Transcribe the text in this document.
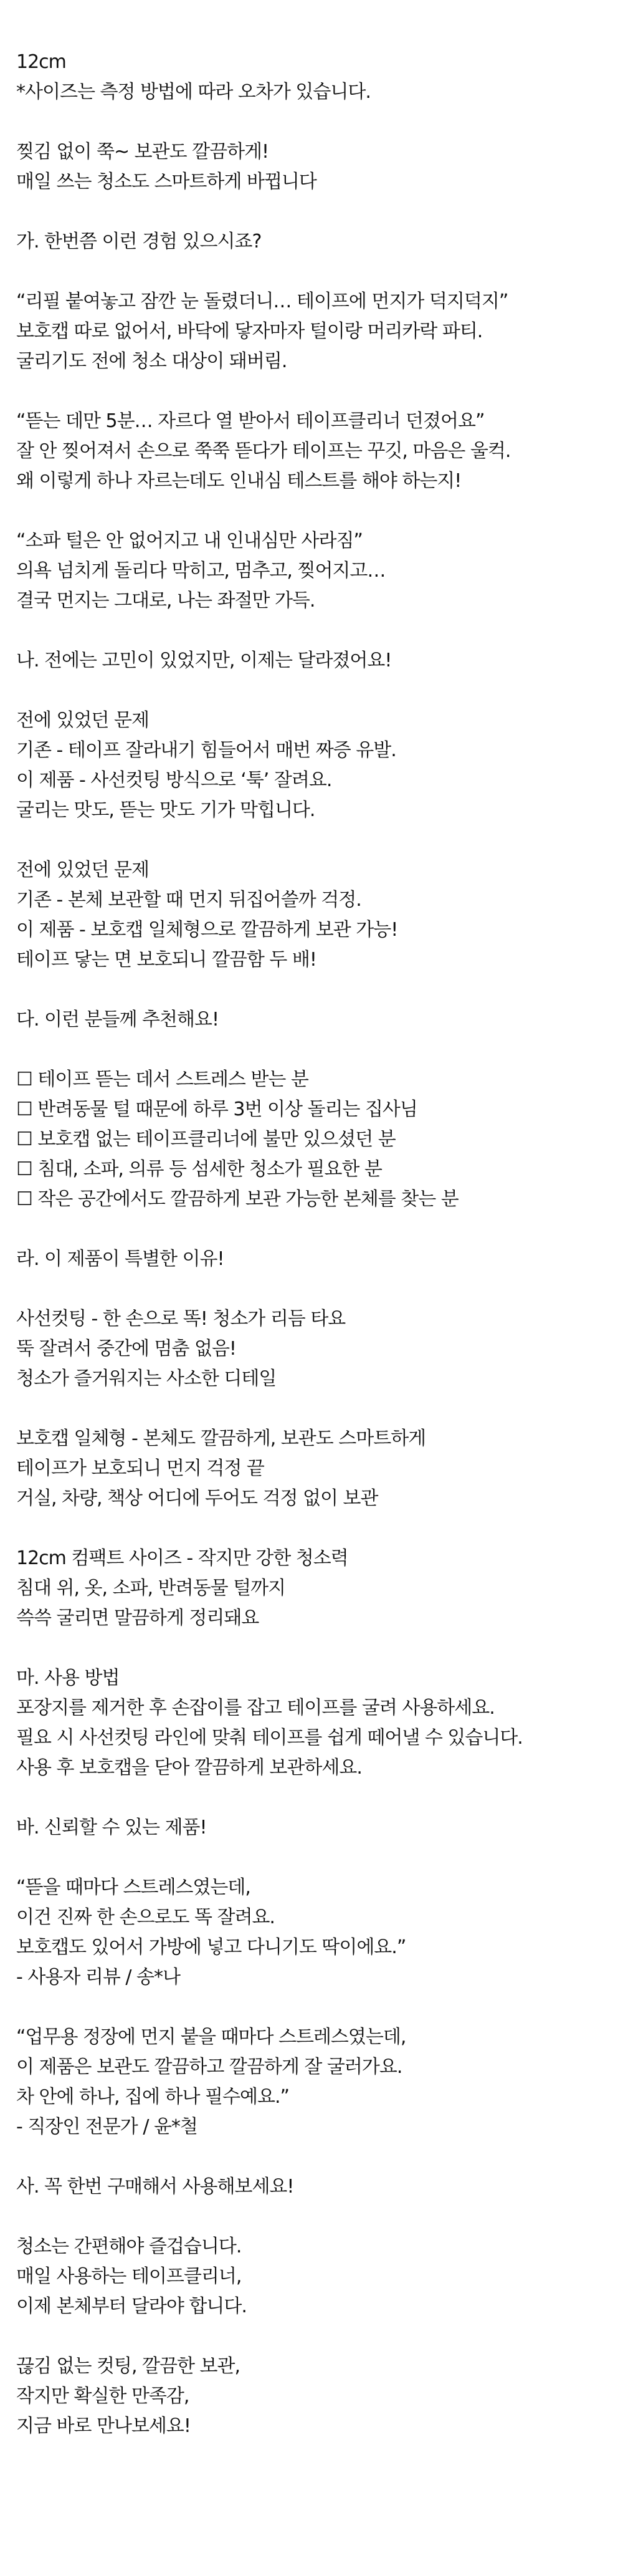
12cm
*사이즈는 측정 방법에 따라 오차가 있습니다.
찢김 없이 쭉~ 보관도 깔끔하게!
매일 쓰는 청소도 스마트하게 바뀝니다
가. 한번쯤 이런 경험 있으시죠?
“리필 붙여놓고 잠깐 눈 돌렸더니… 테이프에 먼지가 덕지덕지”
보호캡 따로 없어서, 바닥에 닿자마자 털이랑 머리카락 파티.
굴리기도 전에 청소 대상이 돼버림.
“뜯는 데만 5분… 자르다 열 받아서 테이프클리너 던졌어요”
잘 안 찢어져서 손으로 쭉쭉 뜯다가 테이프는 꾸깃, 마음은 울컥.
왜 이렇게 하나 자르는데도 인내심 테스트를 해야 하는지!
“소파 털은 안 없어지고 내 인내심만 사라짐”
의욕 넘치게 돌리다 막히고, 멈추고, 찢어지고…
결국 먼지는 그대로, 나는 좌절만 가득.
나. 전에는 고민이 있었지만, 이제는 달라졌어요!
전에 있었던 문제
기존 - 테이프 잘라내기 힘들어서 매번 짜증 유발.
이 제품 - 사선컷팅 방식으로 ‘툭’ 잘려요.
굴리는 맛도, 뜯는 맛도 기가 막힙니다.
전에 있었던 문제
기존 - 본체 보관할 때 먼지 뒤집어쓸까 걱정.
이 제품 - 보호캡 일체형으로 깔끔하게 보관 가능!
테이프 닿는 면 보호되니 깔끔함 두 배!
다. 이런 분들께 추천해요!
☐ 테이프 뜯는 데서 스트레스 받는 분
☐ 반려동물 털 때문에 하루 3번 이상 돌리는 집사님
☐ 보호캡 없는 테이프클리너에 불만 있으셨던 분
☐ 침대, 소파, 의류 등 섬세한 청소가 필요한 분
☐ 작은 공간에서도 깔끔하게 보관 가능한 본체를 찾는 분
라. 이 제품이 특별한 이유!
사선컷팅 - 한 손으로 똑! 청소가 리듬 타요
뚝 잘려서 중간에 멈춤 없음!
청소가 즐거워지는 사소한 디테일
보호캡 일체형 - 본체도 깔끔하게, 보관도 스마트하게
테이프가 보호되니 먼지 걱정 끝
거실, 차량, 책상 어디에 두어도 걱정 없이 보관
12cm 컴팩트 사이즈 - 작지만 강한 청소력
침대 위, 옷, 소파, 반려동물 털까지
쓱쓱 굴리면 말끔하게 정리돼요
마. 사용 방법
포장지를 제거한 후 손잡이를 잡고 테이프를 굴려 사용하세요.
필요 시 사선컷팅 라인에 맞춰 테이프를 쉽게 떼어낼 수 있습니다.
사용 후 보호캡을 닫아 깔끔하게 보관하세요.
바. 신뢰할 수 있는 제품!
“뜯을 때마다 스트레스였는데,
이건 진짜 한 손으로도 똑 잘려요.
보호캡도 있어서 가방에 넣고 다니기도 딱이에요.”
- 사용자 리뷰 / 송*나
“업무용 정장에 먼지 붙을 때마다 스트레스였는데,
이 제품은 보관도 깔끔하고 깔끔하게 잘 굴러가요.
차 안에 하나, 집에 하나 필수예요.”
- 직장인 전문가 / 윤*철
사. 꼭 한번 구매해서 사용해보세요!
청소는 간편해야 즐겁습니다.
매일 사용하는 테이프클리너,
이제 본체부터 달라야 합니다.
끊김 없는 컷팅, 깔끔한 보관,
작지만 확실한 만족감,
지금 바로 만나보세요!
